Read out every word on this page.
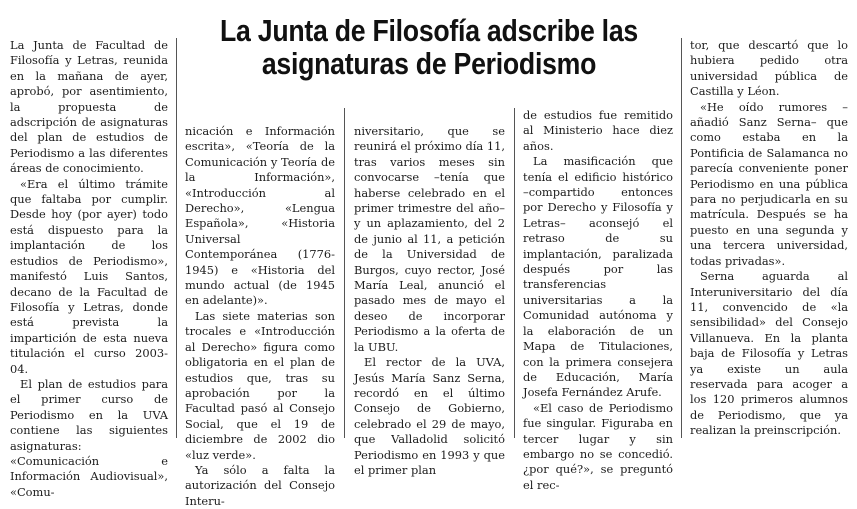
La Junta de Filosofía adscribe las
asignaturas de Periodismo

La Junta de Facultad de Filosofía y Letras, reunida en la mañana de ayer, aprobó, por asentimiento, la propuesta de adscripción de asignaturas del plan de estudios de Periodismo a las diferentes áreas de conocimiento.

«Era el último trámite que faltaba por cumplir. Desde hoy (por ayer) todo está dispuesto para la implantación de los estudios de Periodismo», manifestó Luis Santos, decano de la Facultad de Filosofía y Letras, donde está prevista la impartición de esta nueva titulación el curso 2003-04.

El plan de estudios para el primer curso de Periodismo en la UVA contiene las siguientes asignaturas: «Comunicación e Información Audiovisual», «Comu-

nicación e Información escrita», «Teoría de la Comunicación y Teoría de la Información», «Introducción al Derecho», «Lengua Española», «Historia Universal Contemporánea (1776-1945) e «Historia del mundo actual (de 1945 en adelante)».

Las siete materias son trocales e «Introducción al Derecho» figura como obligatoria en el plan de estudios que, tras su aprobación por la Facultad pasó al Consejo Social, que el 19 de diciembre de 2002 dio «luz verde».

Ya sólo a falta la autorización del Consejo Interu-

niversitario, que se reunirá el próximo día 11, tras varios meses sin convocarse –tenía que haberse celebrado en el primer trimestre del año– y un aplazamiento, del 2 de junio al 11, a petición de la Universidad de Burgos, cuyo rector, José María Leal, anunció el pasado mes de mayo el deseo de incorporar Periodismo a la oferta de la UBU.

El rector de la UVA, Jesús María Sanz Serna, recordó en el último Consejo de Gobierno, celebrado el 29 de mayo, que Valladolid solicitó Periodismo en 1993 y que el primer plan

de estudios fue remitido al Ministerio hace diez años.

La masificación que tenía el edificio histórico –compartido entonces por Derecho y Filosofía y Letras– aconsejó el retraso de su implantación, paralizada después por las transferencias universitarias a la Comunidad autónoma y la elaboración de un Mapa de Titulaciones, con la primera consejera de Educación, María Josefa Fernández Arufe.

«El caso de Periodismo fue singular. Figuraba en tercer lugar y sin embargo no se concedió. ¿por qué?», se preguntó el rec-

tor, que descartó que lo hubiera pedido otra universidad pública de Castilla y Léon.

«He oído rumores –añadió Sanz Serna– que como estaba en la Pontificia de Salamanca no parecía conveniente poner Periodismo en una pública para no perjudicarla en su matrícula. Después se ha puesto en una segunda y una tercera universidad, todas privadas».

Serna aguarda al Interuniversitario del día 11, convencido de «la sensibilidad» del Consejo Villanueva. En la planta baja de Filosofía y Letras ya existe un aula reservada para acoger a los 120 primeros alumnos de Periodismo, que ya realizan la preinscripción.
